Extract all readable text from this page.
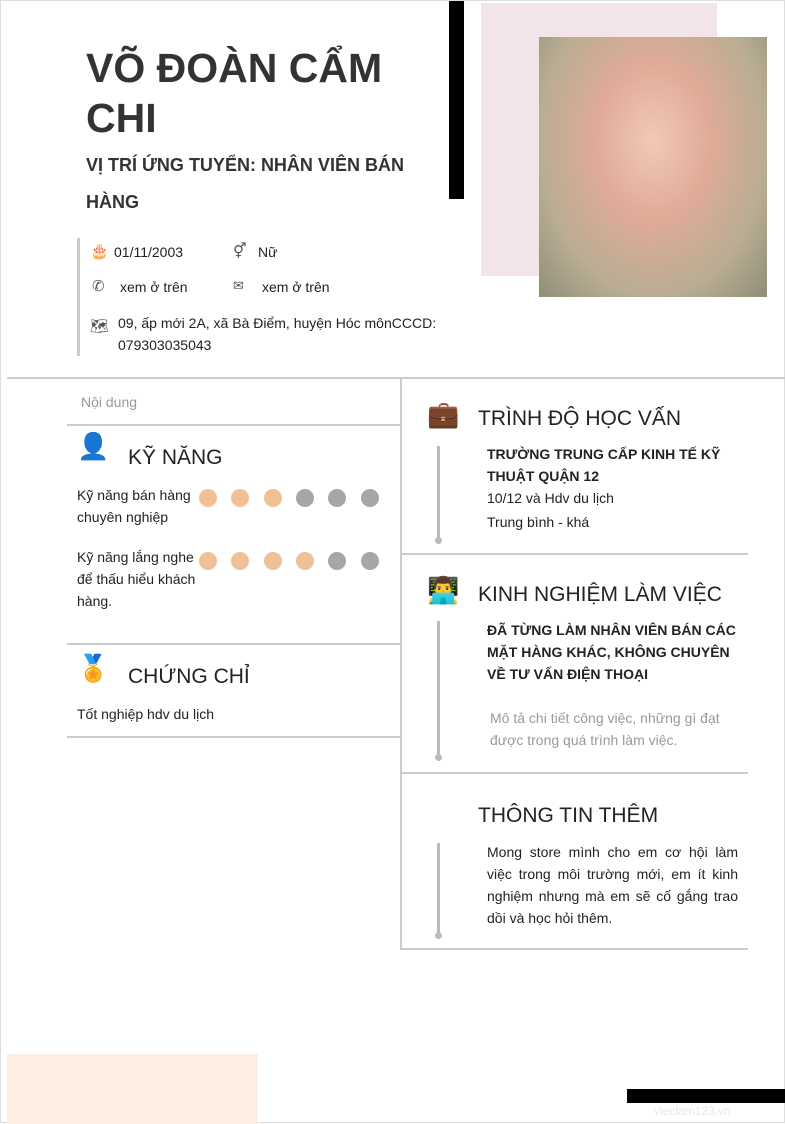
VÕ ĐOÀN CẨM CHI
VỊ TRÍ ỨNG TUYỂN: NHÂN VIÊN BÁN HÀNG
🎂 01/11/2003	⚥ Nữ
✆ xem ở trên	✉ xem ở trên
🗺 09, ấp mới 2A, xã Bà Điểm, huyện Hóc mônCCCD: 079303035043
Nội dung
👤 KỸ NĂNG
Kỹ năng bán hàng chuyên nghiệp
Kỹ năng lắng nghe để thấu hiểu khách hàng.
🏅 CHỨNG CHỈ
Tốt nghiệp hdv du lịch
💼 TRÌNH ĐỘ HỌC VẤN
TRƯỜNG TRUNG CẤP KINH TẾ KỸ THUẬT QUẬN 12
10/12 và Hdv du lịch
Trung bình - khá
👨‍💻 KINH NGHIỆM LÀM VIỆC
ĐÃ TỪNG LÀM NHÂN VIÊN BÁN CÁC MẶT HÀNG KHÁC, KHÔNG CHUYÊN VỀ TƯ VẤN ĐIỆN THOẠI
Mô tả chi tiết công việc, những gì đạt được trong quá trình làm việc.
THÔNG TIN THÊM
Mong store mình cho em cơ hội làm việc trong môi trường mới, em ít kinh nghiệm nhưng mà em sẽ cố gắng trao dồi và học hỏi thêm.
vieclam123.vn
